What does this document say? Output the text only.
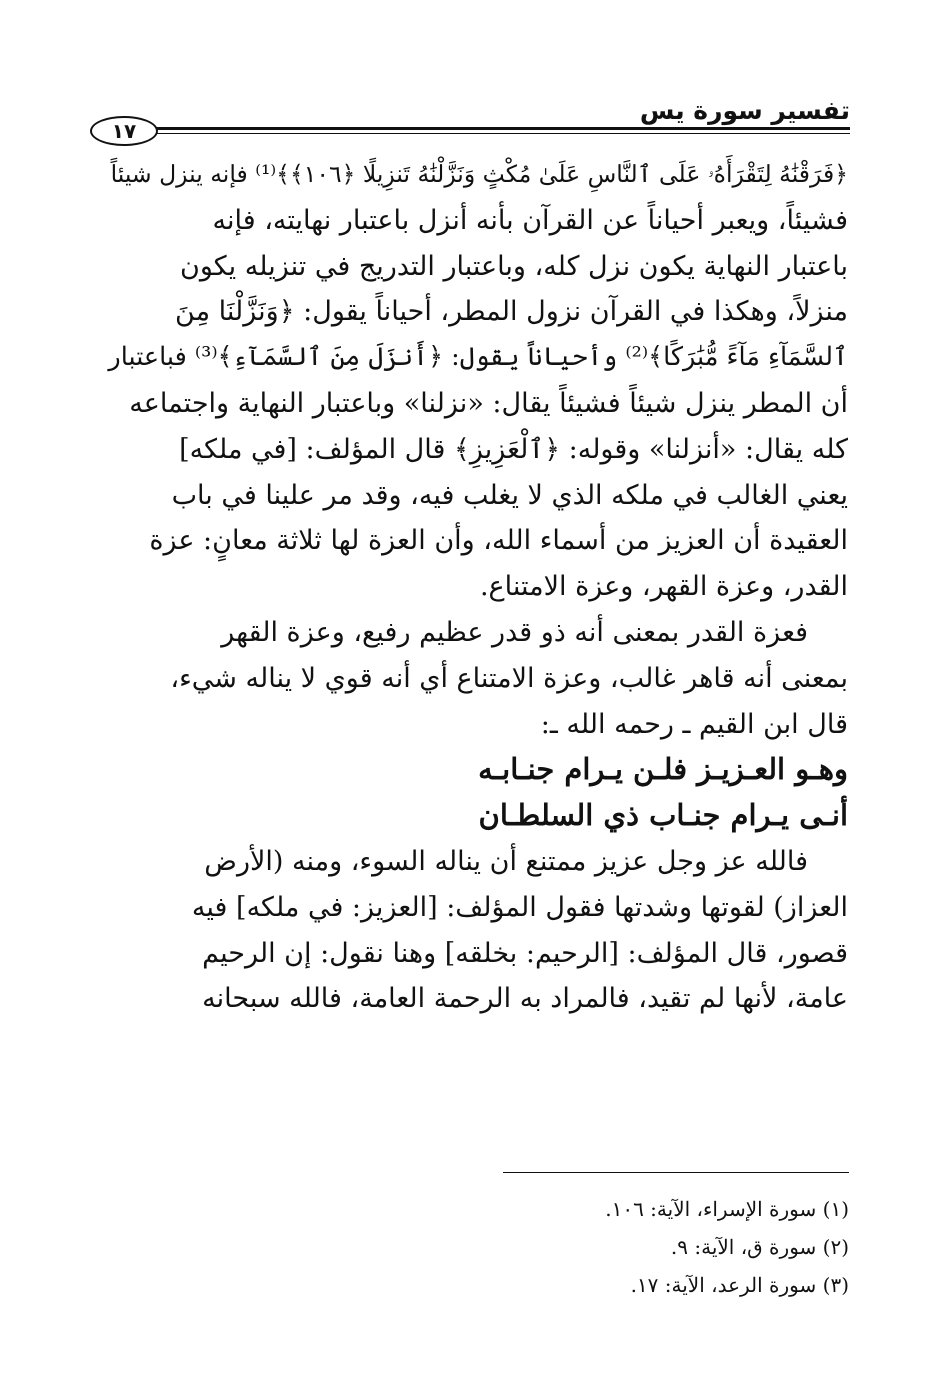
تفسير سورة يس
١٧
﴿فَرَقْنَٰهُ لِتَقْرَأَهُۥ عَلَى ٱلنَّاسِ عَلَىٰ مُكْثٍ وَنَزَّلْنَٰهُ تَنزِيلًا ﴿١٠٦﴾﴾⁽¹⁾ فإنه ينزل شيئاً
فشيئاً، ويعبر أحياناً عن القرآن بأنه أنزل باعتبار نهايته، فإنه
باعتبار النهاية يكون نزل كله، وباعتبار التدريج في تنزيله يكون
منزلاً، وهكذا في القرآن نزول المطر، أحياناً يقول: ﴿وَنَزَّلْنَا مِنَ
ٱلسَّمَآءِ مَآءً مُّبَٰرَكًا﴾⁽²⁾ وأحياناً يقول: ﴿أَنزَلَ مِنَ ٱلسَّمَآءِ﴾⁽³⁾ فباعتبار
أن المطر ينزل شيئاً فشيئاً يقال: «نزلنا» وباعتبار النهاية واجتماعه
كله يقال: «أنزلنا» وقوله: ﴿ٱلْعَزِيزِ﴾ قال المؤلف: [في ملكه]
يعني الغالب في ملكه الذي لا يغلب فيه، وقد مر علينا في باب
العقيدة أن العزيز من أسماء الله، وأن العزة لها ثلاثة معانٍ: عزة
القدر، وعزة القهر، وعزة الامتناع.
فعزة القدر بمعنى أنه ذو قدر عظيم رفيع، وعزة القهر
بمعنى أنه قاهر غالب، وعزة الامتناع أي أنه قوي لا يناله شيء،
قال ابن القيم ـ رحمه الله ـ:
وهـو العـزيـز فلـن يـرام جنـابـه
أنـى يـرام جنـاب ذي السلطـان
فالله عز وجل عزيز ممتنع أن يناله السوء، ومنه (الأرض
العزاز) لقوتها وشدتها فقول المؤلف: [العزيز: في ملكه] فيه
قصور، قال المؤلف: [الرحيم: بخلقه] وهنا نقول: إن الرحيم
عامة، لأنها لم تقيد، فالمراد به الرحمة العامة، فالله سبحانه
(١) سورة الإسراء، الآية: ١٠٦.
(٢) سورة ق، الآية: ٩.
(٣) سورة الرعد، الآية: ١٧.
